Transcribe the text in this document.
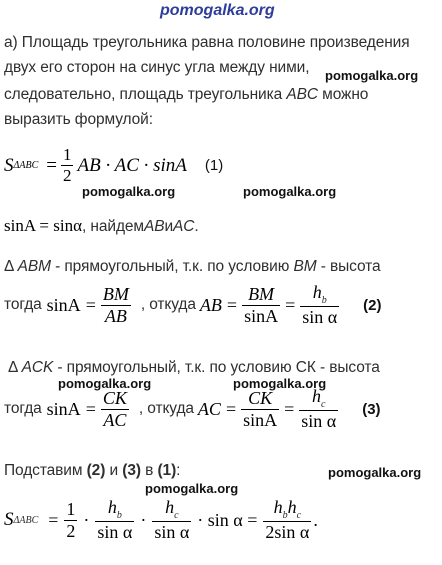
pomogalka.org
а) Площадь треугольника равна половине произведения
двух его сторон на синус угла между ними, pomogalka.org
следовательно, площадь треугольника ABC можно
выразить формулой:
S $\Delta ABC = \frac{1}{2}$ AB · AC · sinA (1)
pomogalka.org	pomogalka.org
sinA = sinα , найдем AB и AC .
Δ ABM - прямоугольный, т.к. по условию BM - высота
тогда $\sin A = \frac{BM}{AB}$ , откуда AB = $\frac{BM}{\sin A} = \frac{h_b}{\text{sin α}} (2)$
Δ ACK - прямоугольный, т.к. по условию СК - высота
pomogalka.org	pomogalka.org
тогда $\sin A = \frac{CK}{AC}$ , откуда AC = $\frac{CK}{\sin A} = \frac{h_c}{\text{sin α}} (3)$
Подставим (2) и (3) в (1):	pomogalka.org
pomogalka.org
S $\Delta ABC = \frac{1}{2} \cdot \frac{h_b}{\text{sin α}} \cdot \frac{h_c}{\text{sin α}} \cdot \sin \alpha = \frac{h_bh_c}{\text{2sin α}}$ .
